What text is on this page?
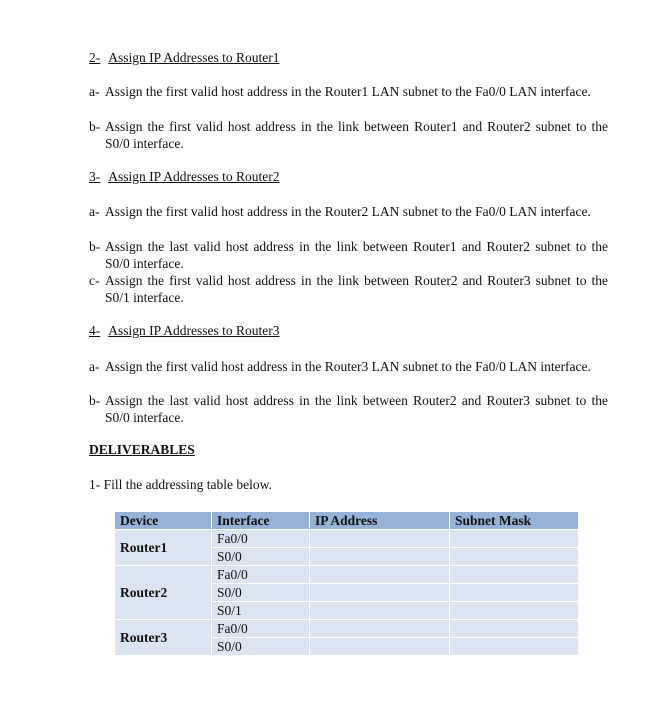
2- Assign IP Addresses to Router1
a- Assign the first valid host address in the Router1 LAN subnet to the Fa0/0 LAN interface.
b- Assign the first valid host address in the link between Router1 and Router2 subnet to the S0/0 interface.
3- Assign IP Addresses to Router2
a- Assign the first valid host address in the Router2 LAN subnet to the Fa0/0 LAN interface.
b- Assign the last valid host address in the link between Router1 and Router2 subnet to the S0/0 interface.
c- Assign the first valid host address in the link between Router2 and Router3 subnet to the S0/1 interface.
4- Assign IP Addresses to Router3
a- Assign the first valid host address in the Router3 LAN subnet to the Fa0/0 LAN interface.
b- Assign the last valid host address in the link between Router2 and Router3 subnet to the S0/0 interface.
DELIVERABLES
1- Fill the addressing table below.
Device	Interface	IP Address	Subnet Mask
Router1	Fa0/0		
	S0/0		
Router2	Fa0/0		
	S0/0		
	S0/1		
Router3	Fa0/0		
	S0/0		
